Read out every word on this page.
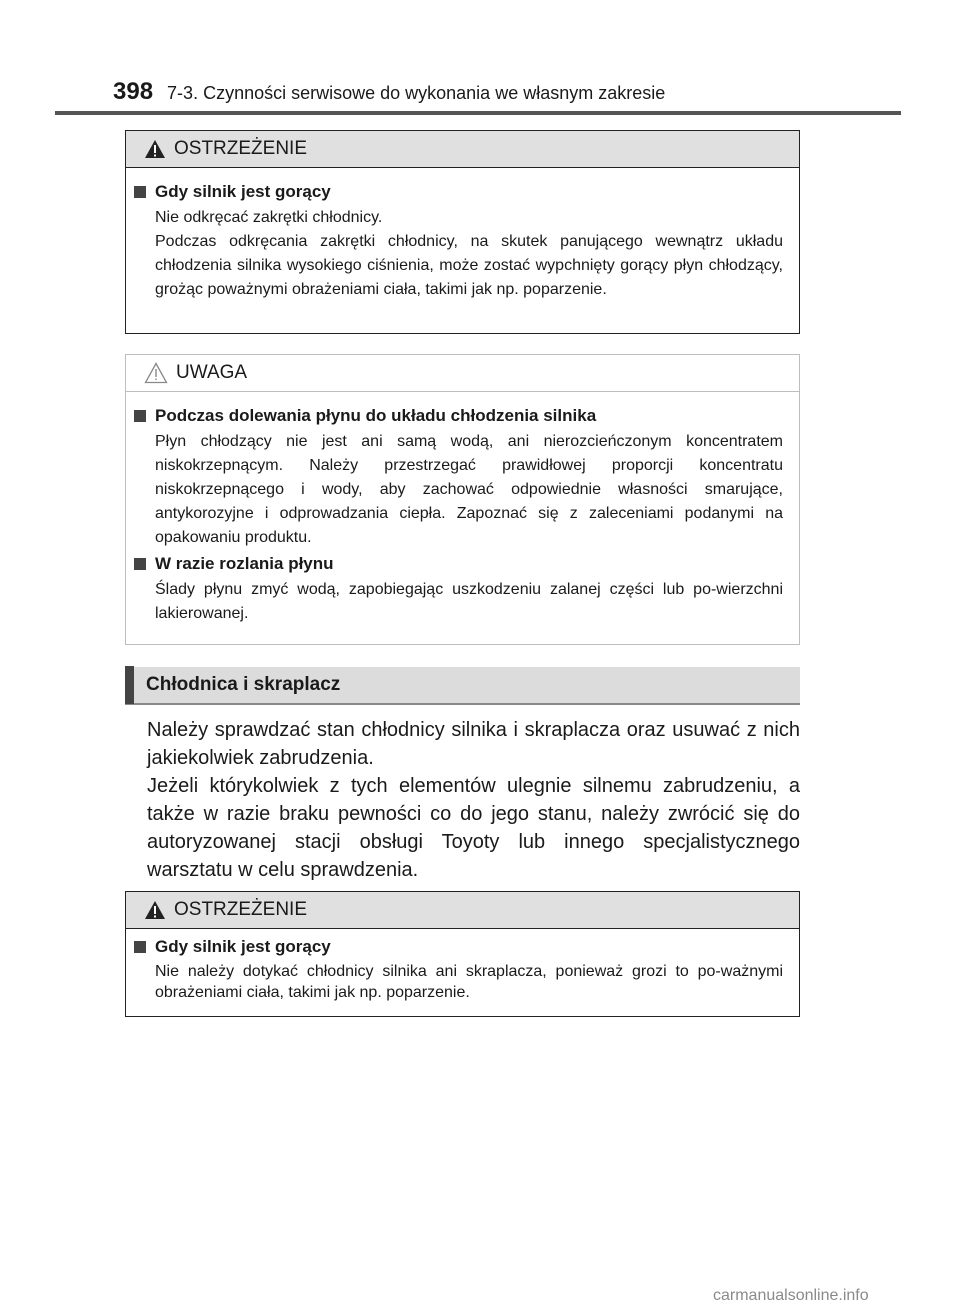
398 7-3. Czynności serwisowe do wykonania we własnym zakresie
OSTRZEŻENIE
Gdy silnik jest gorący
Nie odkręcać zakrętki chłodnicy.
Podczas odkręcania zakrętki chłodnicy, na skutek panującego wewnątrz układu chłodzenia silnika wysokiego ciśnienia, może zostać wypchnięty gorący płyn chłodzący, grożąc poważnymi obrażeniami ciała, takimi jak np. poparzenie.
UWAGA
Podczas dolewania płynu do układu chłodzenia silnika
Płyn chłodzący nie jest ani samą wodą, ani nierozcieńczonym koncentratem niskokrzepnącym. Należy przestrzegać prawidłowej proporcji koncentratu niskokrzepnącego i wody, aby zachować odpowiednie własności smarujące, antykorozyjne i odprowadzania ciepła. Zapoznać się z zaleceniami podanymi na opakowaniu produktu.
W razie rozlania płynu
Ślady płynu zmyć wodą, zapobiegając uszkodzeniu zalanej części lub po-wierzchni lakierowanej.
Chłodnica i skraplacz

Należy sprawdzać stan chłodnicy silnika i skraplacza oraz usuwać z nich jakiekolwiek zabrudzenia.

Jeżeli którykolwiek z tych elementów ulegnie silnemu zabrudzeniu, a także w razie braku pewności co do jego stanu, należy zwrócić się do autoryzowanej stacji obsługi Toyoty lub innego specjalistycznego warsztatu w celu sprawdzenia.

OSTRZEŻENIE
Gdy silnik jest gorący
Nie należy dotykać chłodnicy silnika ani skraplacza, ponieważ grozi to po-ważnymi obrażeniami ciała, takimi jak np. poparzenie.
carmanualsonline.info
